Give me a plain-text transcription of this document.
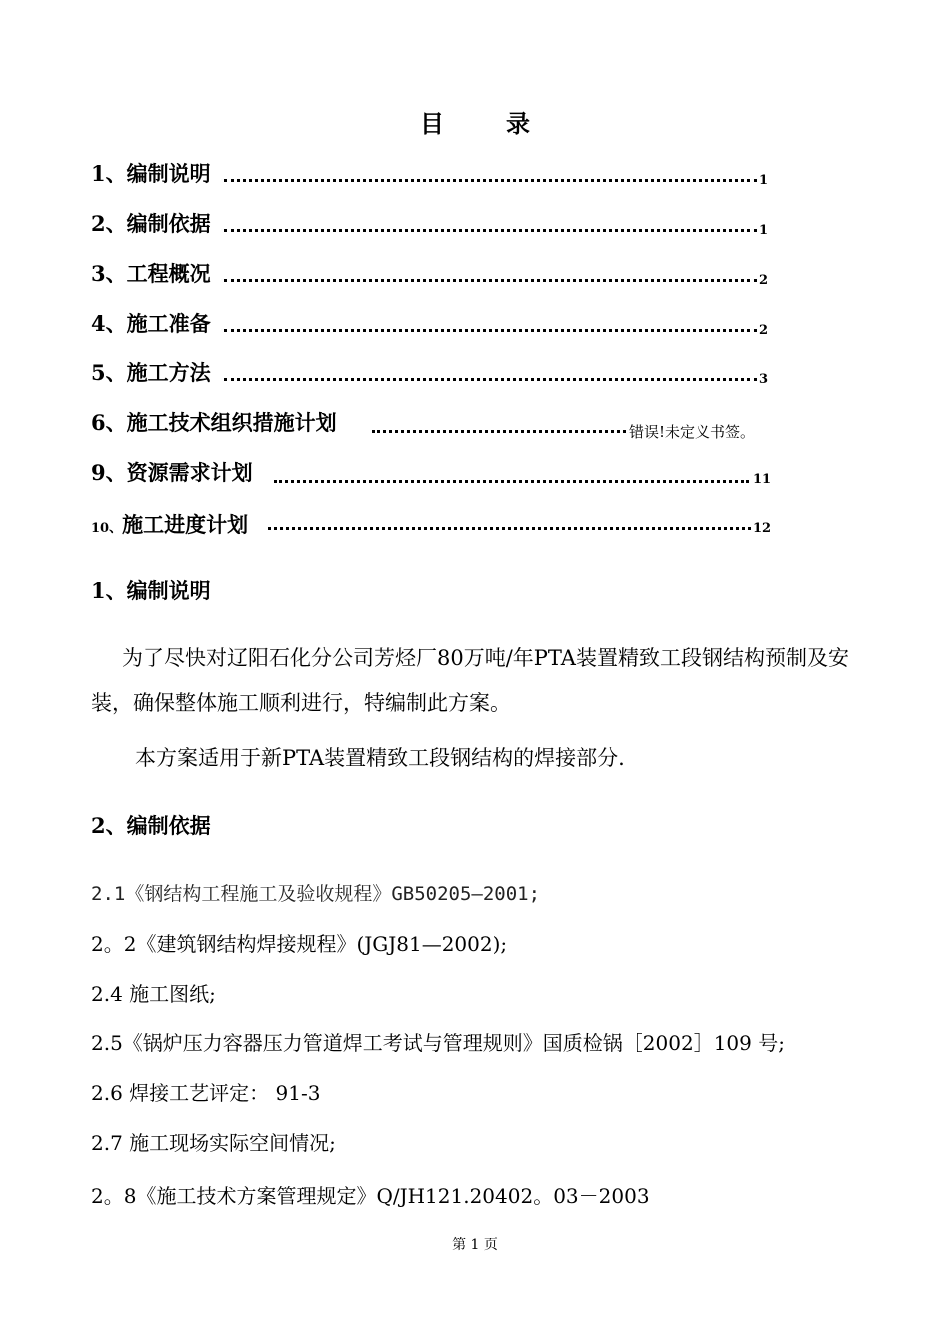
目	录
1、编制说明	1
2、编制依据	1
3、工程概况	2
4、施工准备	2
5、施工方法	3
6、施工技术组织措施计划	错误!未定义书签。
9、资源需求计划	11
10、施工进度计划	12
1、编制说明
为了尽快对辽阳石化分公司芳烃厂80万吨/年PTA装置精致工段钢结构预制及安装，确保整体施工顺利进行，特编制此方案。
本方案适用于新PTA装置精致工段钢结构的焊接部分.
2、编制依据
2.1《钢结构工程施工及验收规程》GB50205—2001;
2。2《建筑钢结构焊接规程》(JGJ81—2002);
2.4 施工图纸;
2.5《锅炉压力容器压力管道焊工考试与管理规则》国质检锅［2002］109 号;
2.6 焊接工艺评定： 91-3
2.7 施工现场实际空间情况;
2。8《施工技术方案管理规定》Q/JH121.20402。03－2003
第 1 页
